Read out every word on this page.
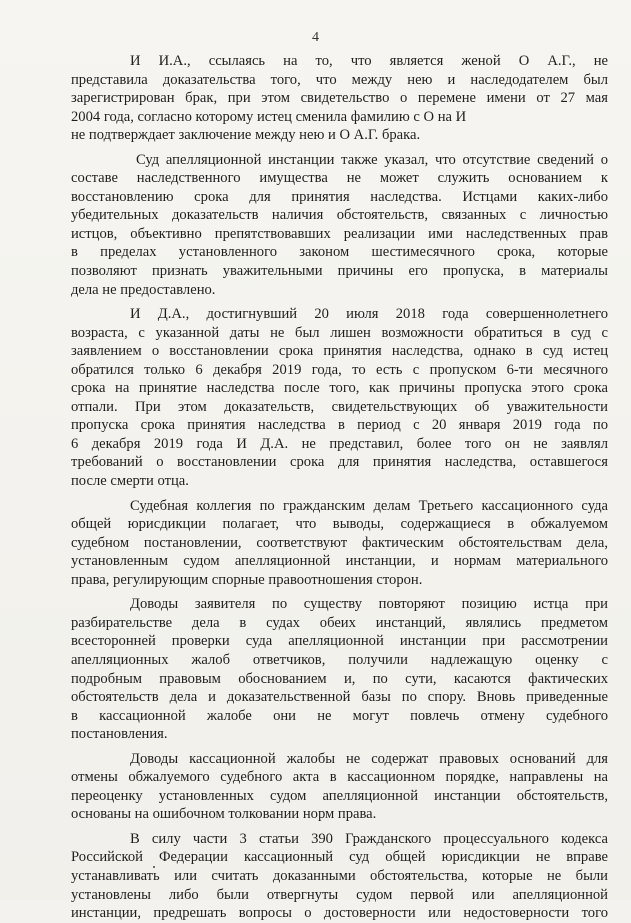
4
И И.А., ссылаясь на то, что является женой О А.Г., не
представила доказательства того, что между нею и наследодателем был
зарегистрирован брак, при этом свидетельство о перемене имени от 27 мая
2004 года, согласно которому истец сменила фамилию с О на И
не подтверждает заключение между нею и О А.Г. брака.
Суд апелляционной инстанции также указал, что отсутствие сведений о
составе наследственного имущества не может служить основанием к
восстановлению срока для принятия наследства. Истцами каких-либо
убедительных доказательств наличия обстоятельств, связанных с личностью
истцов, объективно препятствовавших реализации ими наследственных прав
в пределах установленного законом шестимесячного срока, которые
позволяют признать уважительными причины его пропуска, в материалы
дела не предоставлено.
И Д.А., достигнувший 20 июля 2018 года совершеннолетнего
возраста, с указанной даты не был лишен возможности обратиться в суд с
заявлением о восстановлении срока принятия наследства, однако в суд истец
обратился только 6 декабря 2019 года, то есть с пропуском 6-ти месячного
срока на принятие наследства после того, как причины пропуска этого срока
отпали. При этом доказательств, свидетельствующих об уважительности
пропуска срока принятия наследства в период с 20 января 2019 года по
6 декабря 2019 года И Д.А. не представил, более того он не заявлял
требований о восстановлении срока для принятия наследства, оставшегося
после смерти отца.
Судебная коллегия по гражданским делам Третьего кассационного суда
общей юрисдикции полагает, что выводы, содержащиеся в обжалуемом
судебном постановлении, соответствуют фактическим обстоятельствам дела,
установленным судом апелляционной инстанции, и нормам материального
права, регулирующим спорные правоотношения сторон.
Доводы заявителя по существу повторяют позицию истца при
разбирательстве дела в судах обеих инстанций, являлись предметом
всесторонней проверки суда апелляционной инстанции при рассмотрении
апелляционных жалоб ответчиков, получили надлежащую оценку с
подробным правовым обоснованием и, по сути, касаются фактических
обстоятельств дела и доказательственной базы по спору. Вновь приведенные
в кассационной жалобе они не могут повлечь отмену судебного
постановления.
Доводы кассационной жалобы не содержат правовых оснований для
отмены обжалуемого судебного акта в кассационном порядке, направлены на
переоценку установленных судом апелляционной инстанции обстоятельств,
основаны на ошибочном толковании норм права.
В силу части 3 статьи 390 Гражданского процессуального кодекса
Российской Федерации кассационный суд общей юрисдикции не вправе
устанавливать или считать доказанными обстоятельства, которые не были
установлены либо были отвергнуты судом первой или апелляционной
инстанции, предрешать вопросы о достоверности или недостоверности того
